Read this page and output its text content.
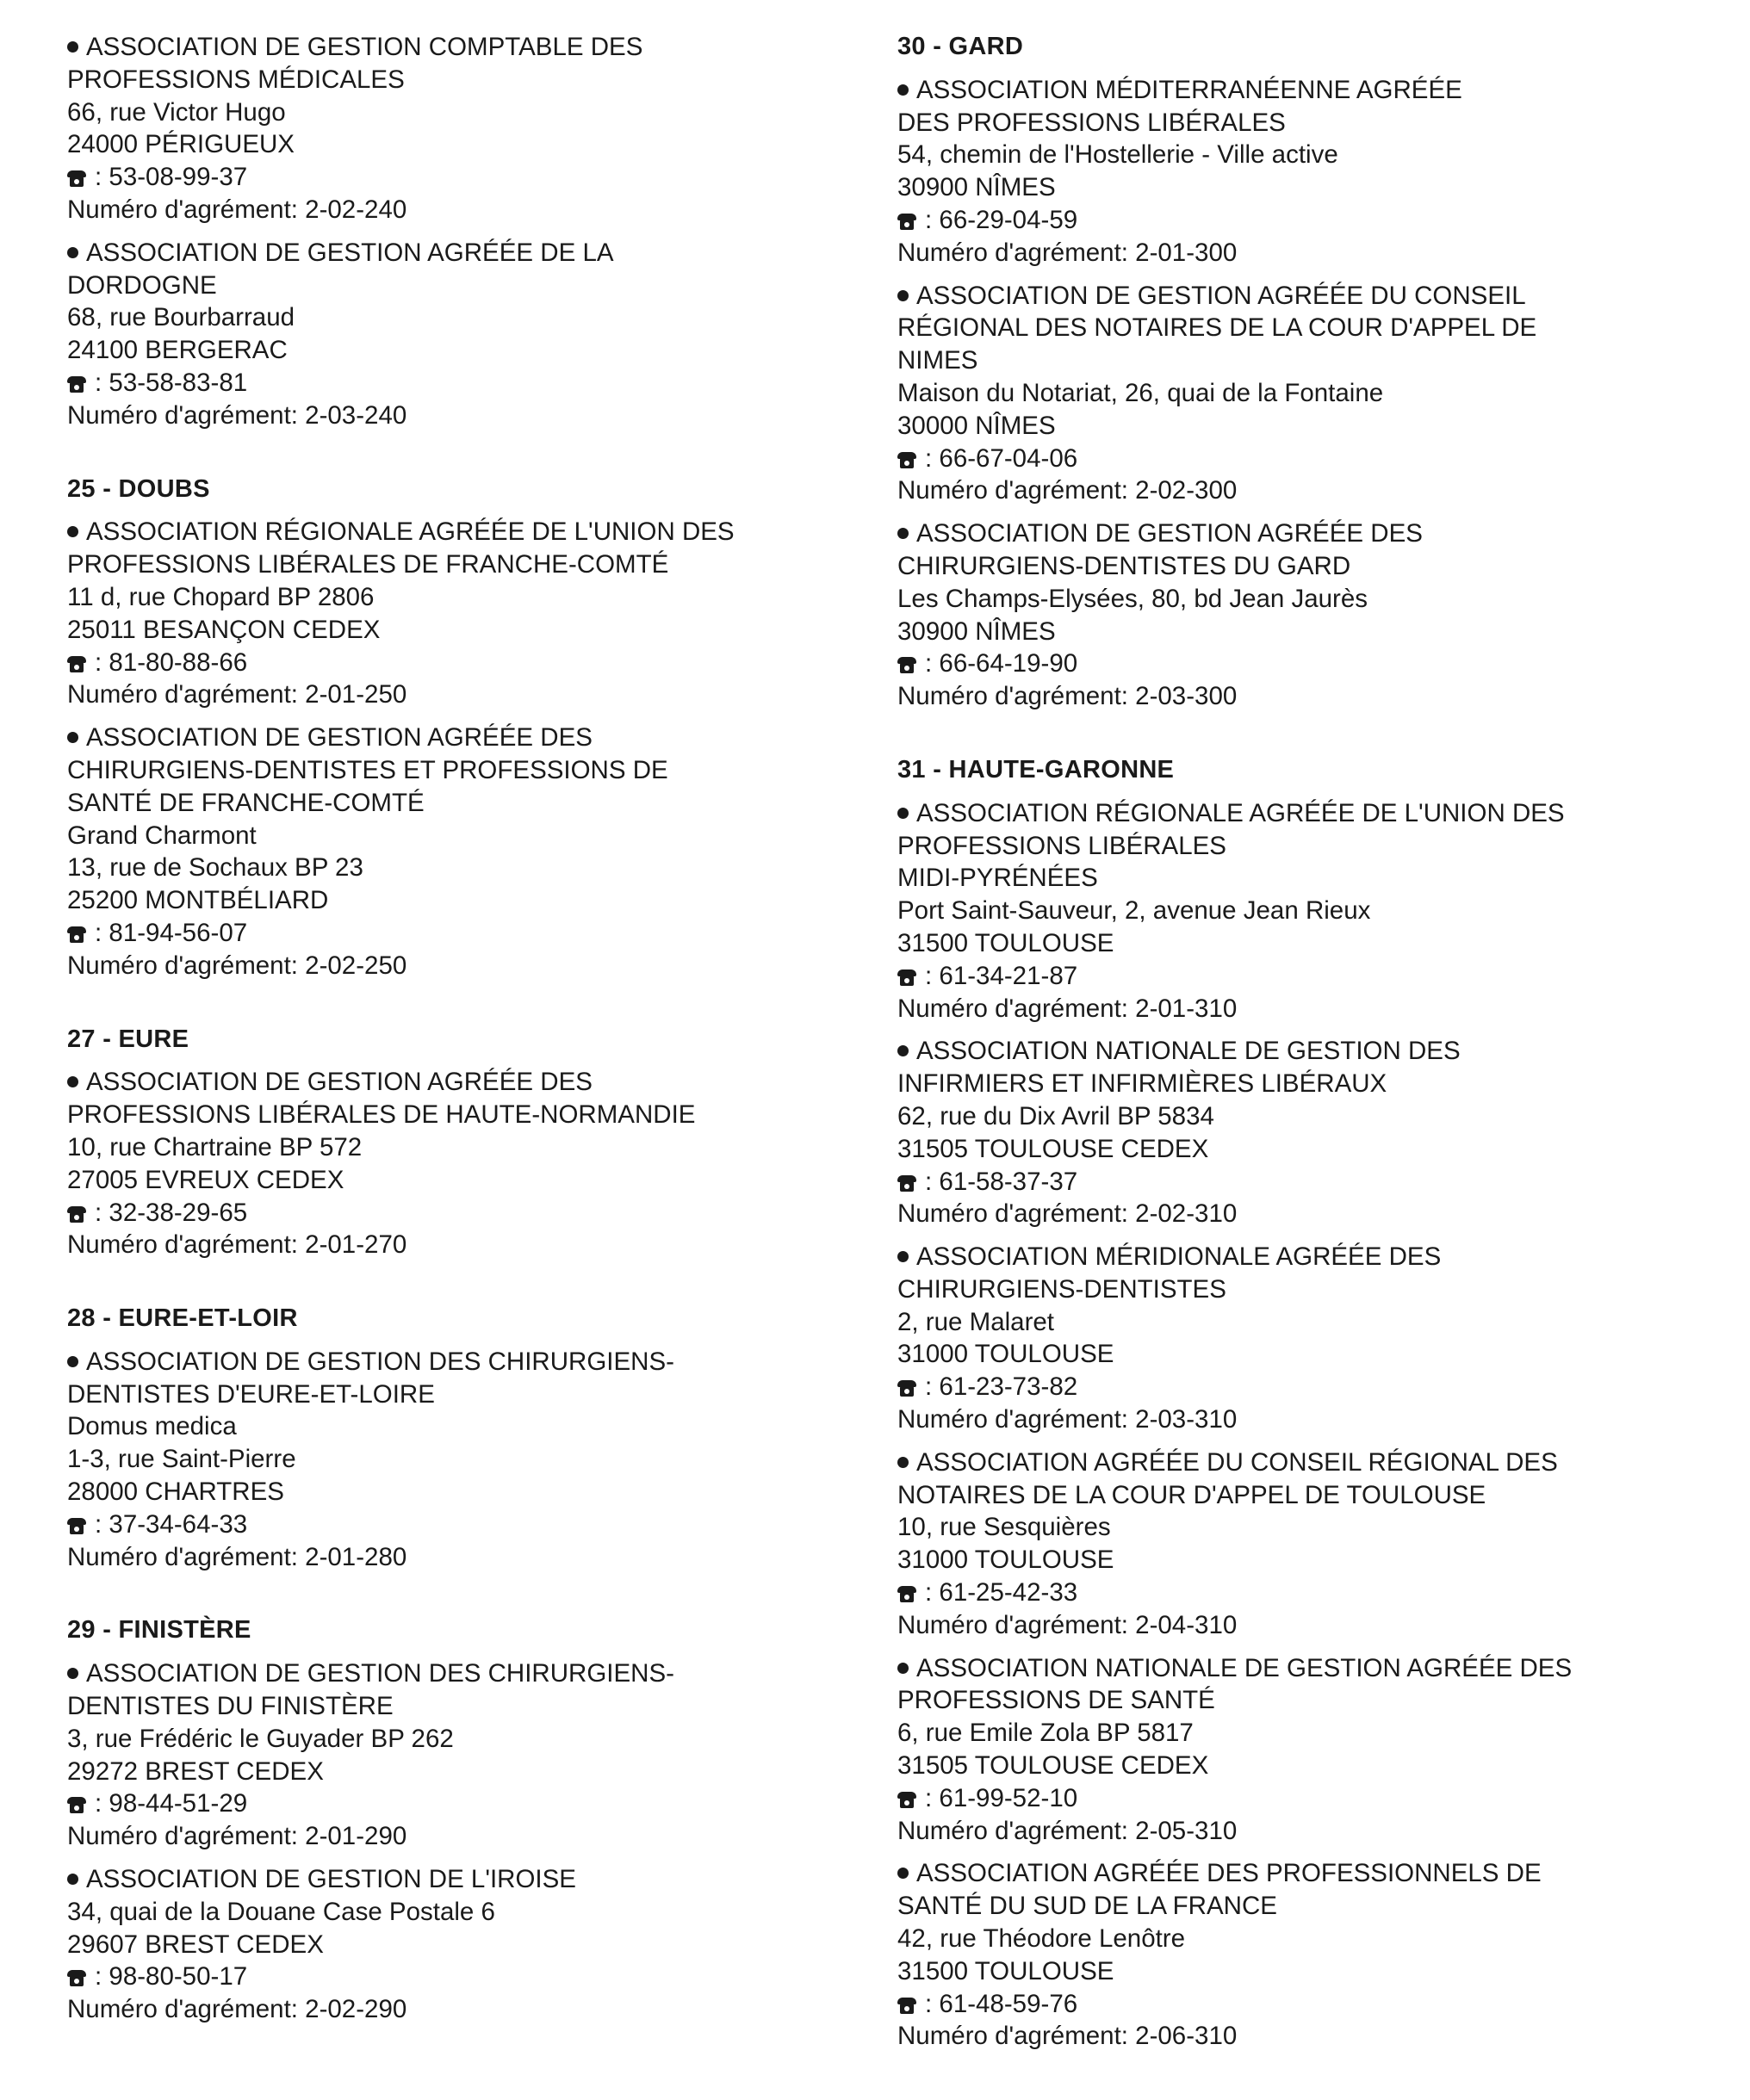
ASSOCIATION DE GESTION COMPTABLE DES
PROFESSIONS MÉDICALES
66, rue Victor Hugo
24000 PÉRIGUEUX
: 53-08-99-37
Numéro d'agrément: 2-02-240
ASSOCIATION DE GESTION AGRÉÉE DE LA
DORDOGNE
68, rue Bourbarraud
24100 BERGERAC
: 53-58-83-81
Numéro d'agrément: 2-03-240
25 - DOUBS
ASSOCIATION RÉGIONALE AGRÉÉE DE L'UNION DES
PROFESSIONS LIBÉRALES DE FRANCHE-COMTÉ
11 d, rue Chopard BP 2806
25011 BESANÇON CEDEX
: 81-80-88-66
Numéro d'agrément: 2-01-250
ASSOCIATION DE GESTION AGRÉÉE DES
CHIRURGIENS-DENTISTES ET PROFESSIONS DE
SANTÉ DE FRANCHE-COMTÉ
Grand Charmont
13, rue de Sochaux BP 23
25200 MONTBÉLIARD
: 81-94-56-07
Numéro d'agrément: 2-02-250
27 - EURE
ASSOCIATION DE GESTION AGRÉÉE DES
PROFESSIONS LIBÉRALES DE HAUTE-NORMANDIE
10, rue Chartraine BP 572
27005 EVREUX CEDEX
: 32-38-29-65
Numéro d'agrément: 2-01-270
28 - EURE-ET-LOIR
ASSOCIATION DE GESTION DES CHIRURGIENS-
DENTISTES D'EURE-ET-LOIRE
Domus medica
1-3, rue Saint-Pierre
28000 CHARTRES
: 37-34-64-33
Numéro d'agrément: 2-01-280
29 - FINISTÈRE
ASSOCIATION DE GESTION DES CHIRURGIENS-
DENTISTES DU FINISTÈRE
3, rue Frédéric le Guyader BP 262
29272 BREST CEDEX
: 98-44-51-29
Numéro d'agrément: 2-01-290
ASSOCIATION DE GESTION DE L'IROISE
34, quai de la Douane Case Postale 6
29607 BREST CEDEX
: 98-80-50-17
Numéro d'agrément: 2-02-290
30 - GARD
ASSOCIATION MÉDITERRANÉENNE AGRÉÉE
DES PROFESSIONS LIBÉRALES
54, chemin de l'Hostellerie - Ville active
30900 NÎMES
: 66-29-04-59
Numéro d'agrément: 2-01-300
ASSOCIATION DE GESTION AGRÉÉE DU CONSEIL
RÉGIONAL DES NOTAIRES DE LA COUR D'APPEL DE
NIMES
Maison du Notariat, 26, quai de la Fontaine
30000 NÎMES
: 66-67-04-06
Numéro d'agrément: 2-02-300
ASSOCIATION DE GESTION AGRÉÉE DES
CHIRURGIENS-DENTISTES DU GARD
Les Champs-Elysées, 80, bd Jean Jaurès
30900 NÎMES
: 66-64-19-90
Numéro d'agrément: 2-03-300
31 - HAUTE-GARONNE
ASSOCIATION RÉGIONALE AGRÉÉE DE L'UNION DES
PROFESSIONS LIBÉRALES
MIDI-PYRÉNÉES
Port Saint-Sauveur, 2, avenue Jean Rieux
31500 TOULOUSE
: 61-34-21-87
Numéro d'agrément: 2-01-310
ASSOCIATION NATIONALE DE GESTION DES
INFIRMIERS ET INFIRMIÈRES LIBÉRAUX
62, rue du Dix Avril BP 5834
31505 TOULOUSE CEDEX
: 61-58-37-37
Numéro d'agrément: 2-02-310
ASSOCIATION MÉRIDIONALE AGRÉÉE DES
CHIRURGIENS-DENTISTES
2, rue Malaret
31000 TOULOUSE
: 61-23-73-82
Numéro d'agrément: 2-03-310
ASSOCIATION AGRÉÉE DU CONSEIL RÉGIONAL DES
NOTAIRES DE LA COUR D'APPEL DE TOULOUSE
10, rue Sesquières
31000 TOULOUSE
: 61-25-42-33
Numéro d'agrément: 2-04-310
ASSOCIATION NATIONALE DE GESTION AGRÉÉE DES
PROFESSIONS DE SANTÉ
6, rue Emile Zola BP 5817
31505 TOULOUSE CEDEX
: 61-99-52-10
Numéro d'agrément: 2-05-310
ASSOCIATION AGRÉÉE DES PROFESSIONNELS DE
SANTÉ DU SUD DE LA FRANCE
42, rue Théodore Lenôtre
31500 TOULOUSE
: 61-48-59-76
Numéro d'agrément: 2-06-310
